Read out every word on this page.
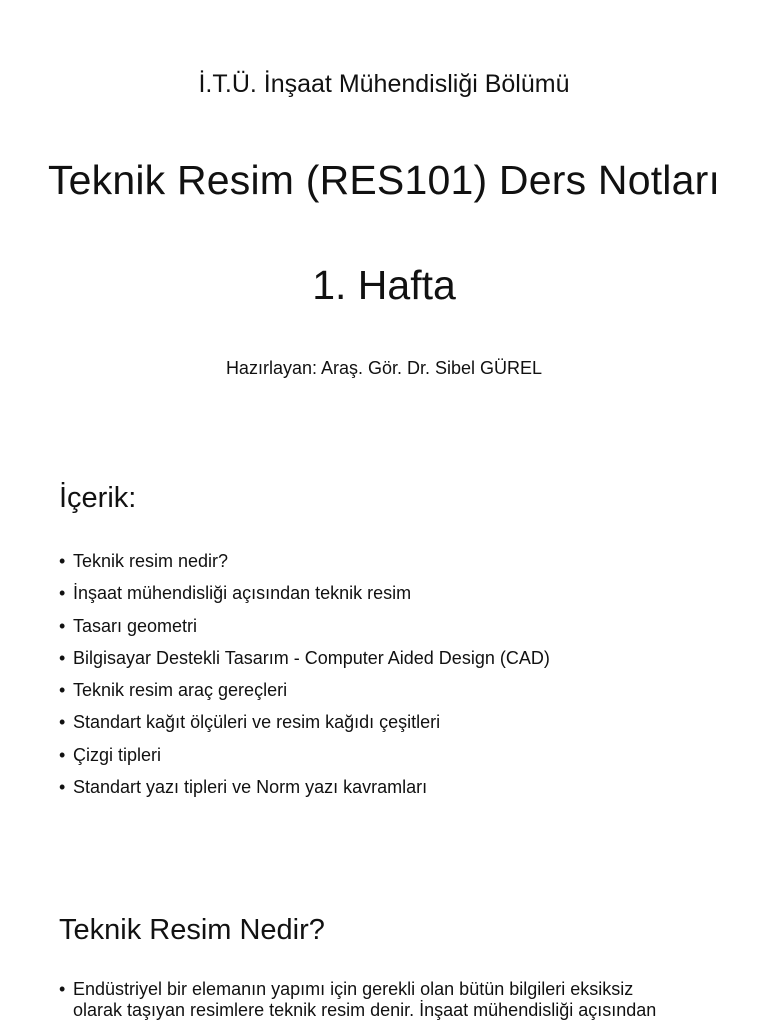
İ.T.Ü. İnşaat Mühendisliği Bölümü
Teknik Resim (RES101) Ders Notları
1. Hafta
Hazırlayan: Araş. Gör. Dr. Sibel GÜREL
İçerik:
• Teknik resim nedir?
• İnşaat mühendisliği açısından teknik resim
• Tasarı geometri
• Bilgisayar Destekli Tasarım - Computer Aided Design (CAD)
• Teknik resim araç gereçleri
• Standart kağıt ölçüleri ve resim kağıdı çeşitleri
• Çizgi tipleri
• Standart yazı tipleri ve Norm yazı kavramları
Teknik Resim Nedir?
• Endüstriyel bir elemanın yapımı için gerekli olan bütün bilgileri eksiksiz
olarak taşıyan resimlere teknik resim denir. İnşaat mühendisliği açısından
